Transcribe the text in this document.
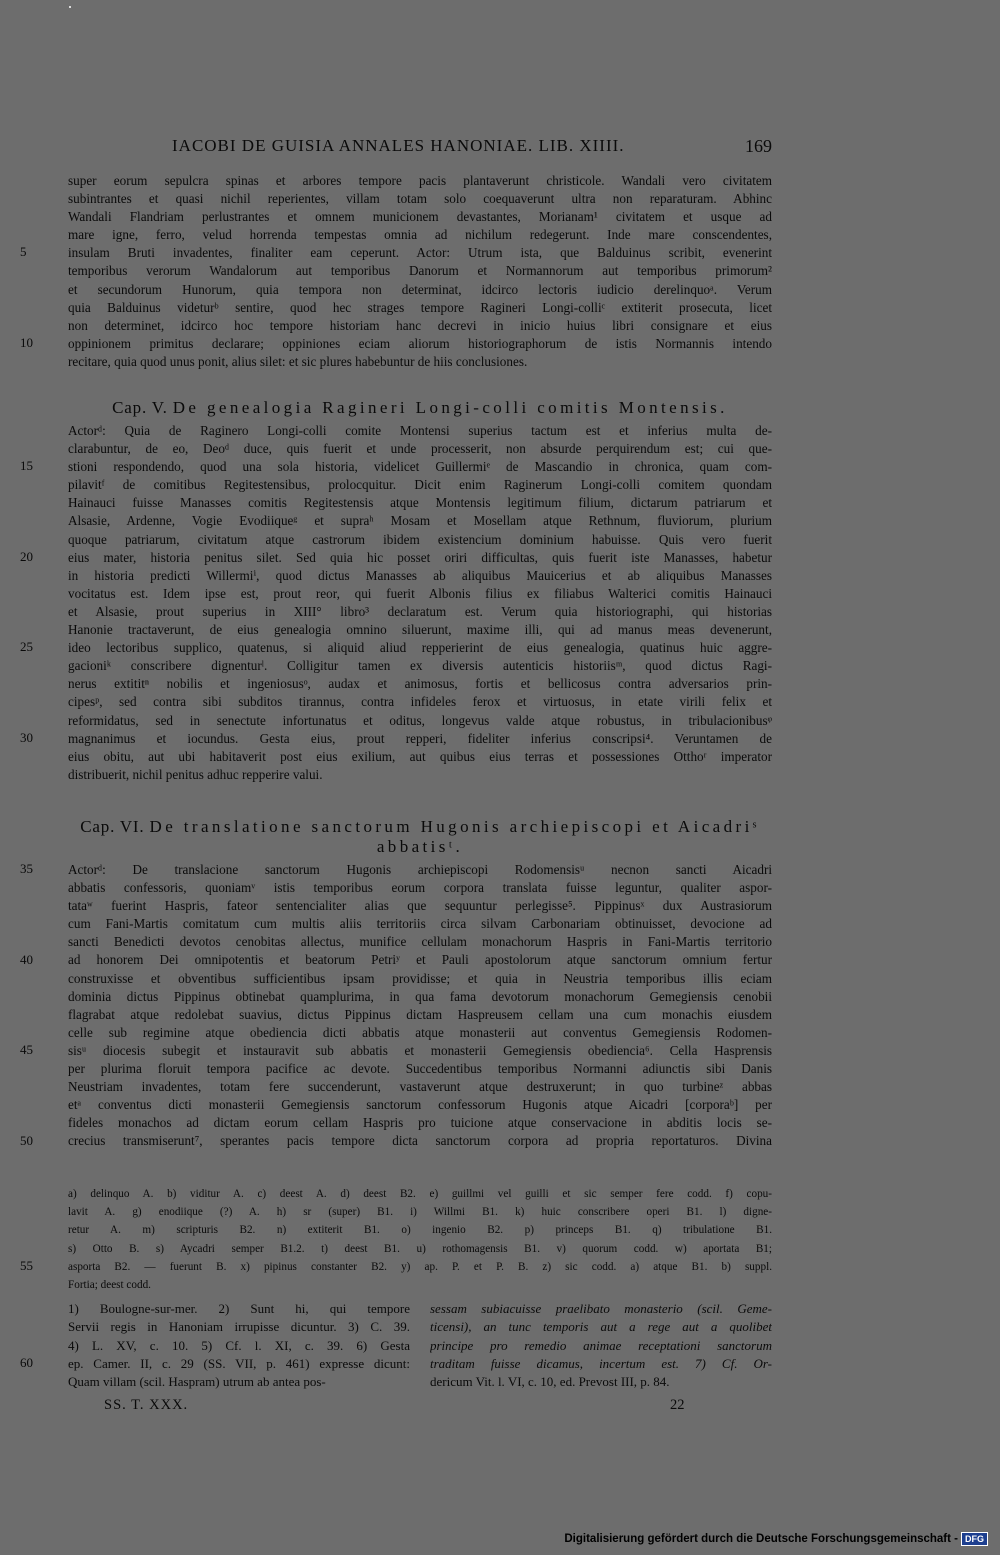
IACOBI DE GUISIA ANNALES HANONIAE. LIB. XIIII.	169
super eorum sepulcra spinas et arbores tempore pacis plantaverunt christicole. Wandali vero civitatem
subintrantes et quasi nichil reperientes, villam totam solo coequaverunt ultra non reparaturam. Abhinc
Wandali Flandriam perlustrantes et omnem municionem devastantes, Morianam¹ civitatem et usque ad
mare igne, ferro, velud horrenda tempestas omnia ad nichilum redegerunt. Inde mare conscendentes,
insulam Bruti invadentes, finaliter eam ceperunt. Actor: Utrum ista, que Balduinus scribit, evenerint
temporibus verorum Wandalorum aut temporibus Danorum et Normannorum aut temporibus primorum²
et secundorum Hunorum, quia tempora non determinat, idcirco lectoris iudicio derelinquoᵃ. Verum
quia Balduinus videturᵇ sentire, quod hec strages tempore Ragineri Longi-colliᶜ extiterit prosecuta, licet
non determinet, idcirco hoc tempore historiam hanc decrevi in inicio huius libri consignare et eius
oppinionem primitus declarare; oppiniones eciam aliorum historiographorum de istis Normannis intendo
recitare, quia quod unus ponit, alius silet: et sic plures habebuntur de hiis conclusiones.
Cap. V. De genealogia Ragineri Longi-colli comitis Montensis.
Actorᵈ: Quia de Raginero Longi-colli comite Montensi superius tactum est et inferius multa de-
clarabuntur, de eo, Deoᵈ duce, quis fuerit et unde processerit, non absurde perquirendum est; cui que-
stioni respondendo, quod una sola historia, videlicet Guillermiᵉ de Mascandio in chronica, quam com-
pilavitᶠ de comitibus Regitestensibus, prolocquitur. Dicit enim Raginerum Longi-colli comitem quondam
Hainauci fuisse Manasses comitis Regitestensis atque Montensis legitimum filium, dictarum patriarum et
Alsasie, Ardenne, Vogie Evodiiqueᵍ et supraʰ Mosam et Mosellam atque Rethnum, fluviorum, plurium
quoque patriarum, civitatum atque castrorum ibidem existencium dominium habuisse. Quis vero fuerit
eius mater, historia penitus silet. Sed quia hic posset oriri difficultas, quis fuerit iste Manasses, habetur
in historia predicti Willermiⁱ, quod dictus Manasses ab aliquibus Mauicerius et ab aliquibus Manasses
vocitatus est. Idem ipse est, prout reor, qui fuerit Albonis filius ex filiabus Walterici comitis Hainauci
et Alsasie, prout superius in XIII° libro³ declaratum est. Verum quia historiographi, qui historias
Hanonie tractaverunt, de eius genealogia omnino siluerunt, maxime illi, qui ad manus meas devenerunt,
ideo lectoribus supplico, quatenus, si aliquid aliud repperierint de eius genealogia, quatinus huic aggre-
gacioniᵏ conscribere dignenturˡ. Colligitur tamen ex diversis autenticis historiisᵐ, quod dictus Ragi-
nerus extititⁿ nobilis et ingeniosusᵒ, audax et animosus, fortis et bellicosus contra adversarios prin-
cipesᵖ, sed contra sibi subditos tirannus, contra infideles ferox et virtuosus, in etate virili felix et
reformidatus, sed in senectute infortunatus et oditus, longevus valde atque robustus, in tribulacionibusᵠ
magnanimus et iocundus. Gesta eius, prout repperi, fideliter inferius conscripsi⁴. Veruntamen de
eius obitu, aut ubi habitaverit post eius exilium, aut quibus eius terras et possessiones Otthoʳ imperator
distribuerit, nichil penitus adhuc repperire valui.
Cap. VI. De translatione sanctorum Hugonis archiepiscopi et Aicadriˢ
abbatisᵗ.
Actorᵈ: De translacione sanctorum Hugonis archiepiscopi Rodomensisᵘ necnon sancti Aicadri
abbatis confessoris, quoniamᵛ istis temporibus eorum corpora translata fuisse leguntur, qualiter aspor-
tataʷ fuerint Haspris, fateor sentencialiter alias que sequuntur perlegisse⁵. Pippinusˣ dux Austrasiorum
cum Fani-Martis comitatum cum multis aliis territoriis circa silvam Carbonariam obtinuisset, devocione ad
sancti Benedicti devotos cenobitas allectus, munifice cellulam monachorum Haspris in Fani-Martis territorio
ad honorem Dei omnipotentis et beatorum Petriʸ et Pauli apostolorum atque sanctorum omnium fertur
construxisse et obventibus sufficientibus ipsam providisse; et quia in Neustria temporibus illis eciam
dominia dictus Pippinus obtinebat quamplurima, in qua fama devotorum monachorum Gemegiensis cenobii
flagrabat atque redolebat suavius, dictus Pippinus dictam Haspreusem cellam una cum monachis eiusdem
celle sub regimine atque obediencia dicti abbatis atque monasterii aut conventus Gemegiensis Rodomen-
sisᵘ diocesis subegit et instauravit sub abbatis et monasterii Gemegiensis obediencia⁶. Cella Hasprensis
per plurima floruit tempora pacifice ac devote. Succedentibus temporibus Normanni adiunctis sibi Danis
Neustriam invadentes, totam fere succenderunt, vastaverunt atque destruxerunt; in quo turbineᶻ abbas
etᵃ conventus dicti monasterii Gemegiensis sanctorum confessorum Hugonis atque Aicadri [corporaᵇ] per
fideles monachos ad dictam eorum cellam Haspris pro tuicione atque conservacione in abditis locis se-
crecius transmiserunt⁷, sperantes pacis tempore dicta sanctorum corpora ad propria reportaturos. Divina
a) delinquo A. b) viditur A. c) deest A. d) deest B2. e) guillmi vel guilli et sic semper fere codd. f) copu-
lavit A. g) enodiique (?) A. h) sr (super) B1. i) Willmi B1. k) huic conscribere operi B1. l) digne-
retur A. m) scripturis B2. n) extiterit B1. o) ingenio B2. p) princeps B1. q) tribulatione B1.
s) Otto B. s) Aycadri semper B1.2. t) deest B1. u) rothomagensis B1. v) quorum codd. w) aportata B1;
asporta B2. — fuerunt B. x) pipinus constanter B2. y) ap. P. et P. B. z) sic codd. a) atque B1. b) suppl.
Fortia; deest codd.
1) Boulogne-sur-mer. 2) Sunt hi, qui tempore
Servii regis in Hanoniam irrupisse dicuntur. 3) C. 39.
4) L. XV, c. 10. 5) Cf. l. XI, c. 39. 6) Gesta
ep. Camer. II, c. 29 (SS. VII, p. 461) expresse dicunt:
Quam villam (scil. Haspram) utrum ab antea pos-
sessam subiacuisse praelibato monasterio (scil. Geme-
ticensi), an tunc temporis aut a rege aut a quolibet
principe pro remedio animae receptationi sanctorum
traditam fuisse dicamus, incertum est. 7) Cf. Or-
dericum Vit. l. VI, c. 10, ed. Prevost III, p. 84.
SS. T. XXX.	22
Digitalisierung gefördert durch die Deutsche Forschungsgemeinschaft - DFG
5
10
15
20
25
30
35
40
45
50
55
60
